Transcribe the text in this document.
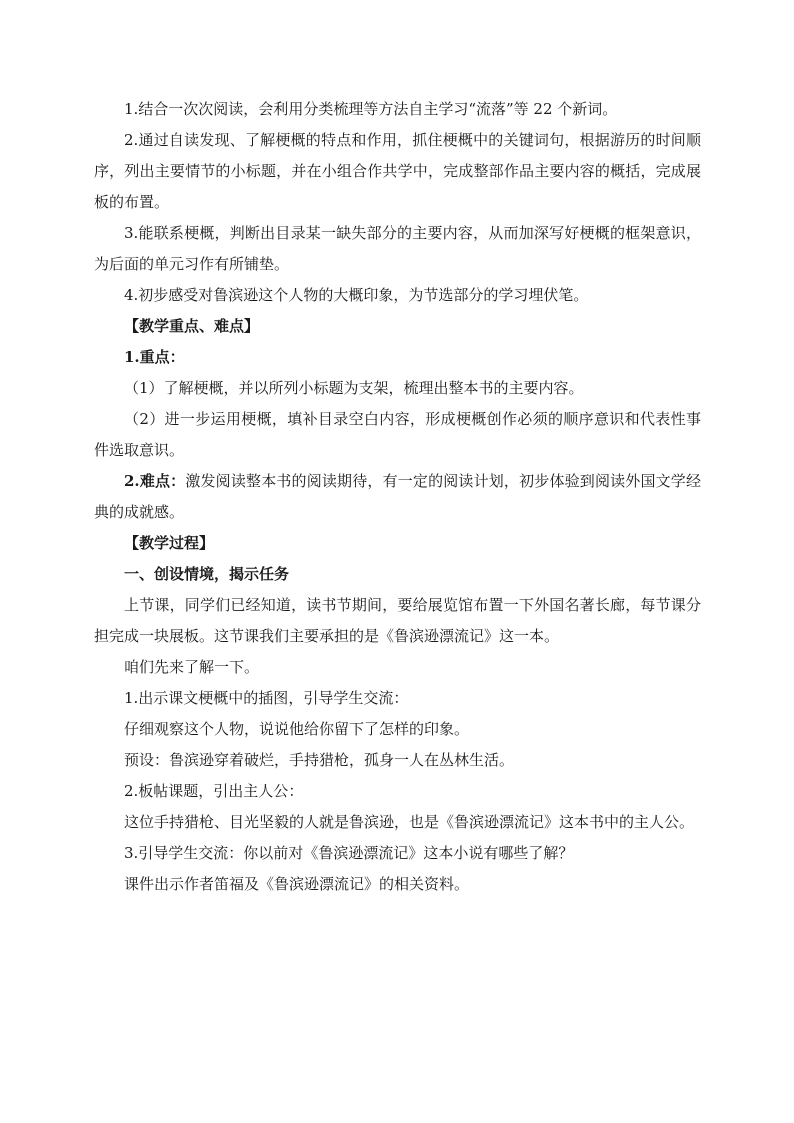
1.结合一次次阅读，会利用分类梳理等方法自主学习“流落”等 22 个新词。

2.通过自读发现、了解梗概的特点和作用，抓住梗概中的关键词句，根据游历的时间顺序，列出主要情节的小标题，并在小组合作共学中，完成整部作品主要内容的概括，完成展板的布置。

3.能联系梗概，判断出目录某一缺失部分的主要内容，从而加深写好梗概的框架意识，为后面的单元习作有所铺垫。

4.初步感受对鲁滨逊这个人物的大概印象，为节选部分的学习埋伏笔。

【教学重点、难点】

1.重点：

（1）了解梗概，并以所列小标题为支架，梳理出整本书的主要内容。

（2）进一步运用梗概，填补目录空白内容，形成梗概创作必须的顺序意识和代表性事件选取意识。

2.难点：激发阅读整本书的阅读期待，有一定的阅读计划，初步体验到阅读外国文学经典的成就感。

【教学过程】

一、创设情境，揭示任务

上节课，同学们已经知道，读书节期间，要给展览馆布置一下外国名著长廊，每节课分担完成一块展板。这节课我们主要承担的是《鲁滨逊漂流记》这一本。

咱们先来了解一下。

1.出示课文梗概中的插图，引导学生交流：

仔细观察这个人物，说说他给你留下了怎样的印象。

预设：鲁滨逊穿着破烂，手持猎枪，孤身一人在丛林生活。

2.板帖课题，引出主人公：

这位手持猎枪、目光坚毅的人就是鲁滨逊，也是《鲁滨逊漂流记》这本书中的主人公。

3.引导学生交流：你以前对《鲁滨逊漂流记》这本小说有哪些了解？

课件出示作者笛福及《鲁滨逊漂流记》的相关资料。
